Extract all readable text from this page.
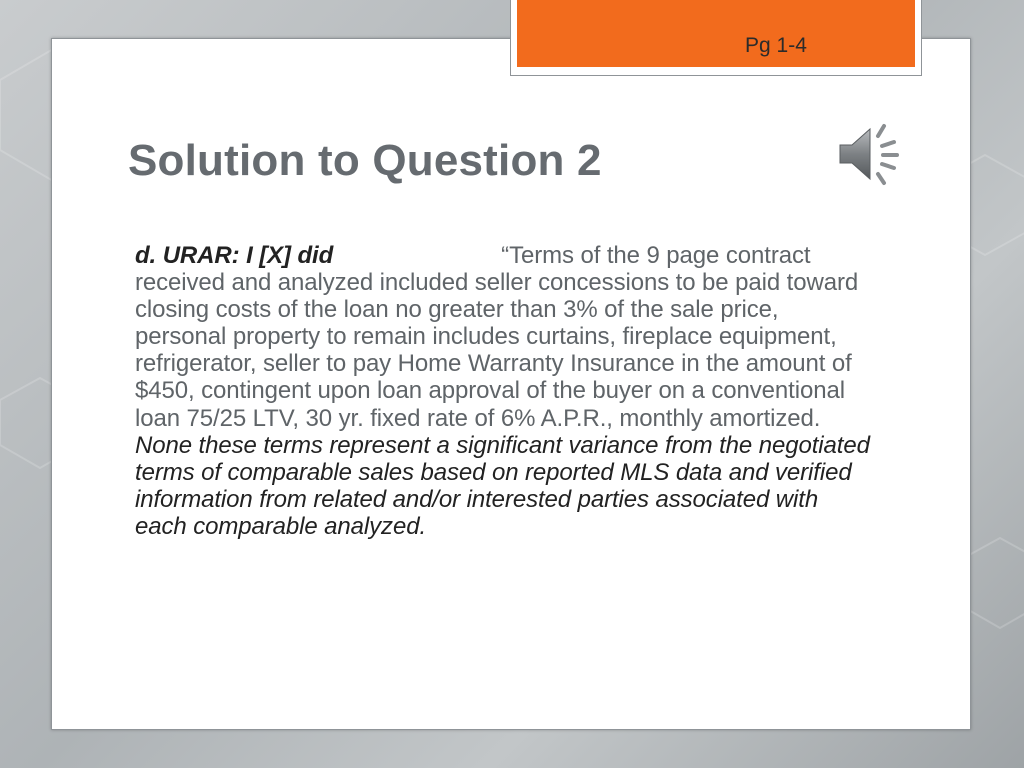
Pg 1-4
Solution to Question 2

d. URAR: I [X] did	“Terms of the 9 page contract received and analyzed included seller concessions to be paid toward closing costs of the loan no greater than 3% of the sale price, personal property to remain includes curtains, fireplace equipment, refrigerator, seller to pay Home Warranty Insurance in the amount of $450, contingent upon loan approval of the buyer on a conventional loan 75/25 LTV, 30 yr. fixed rate of 6% A.P.R., monthly amortized. None these terms represent a significant variance from the negotiated terms of comparable sales based on reported MLS data and verified information from related and/or interested parties associated with each comparable analyzed.
